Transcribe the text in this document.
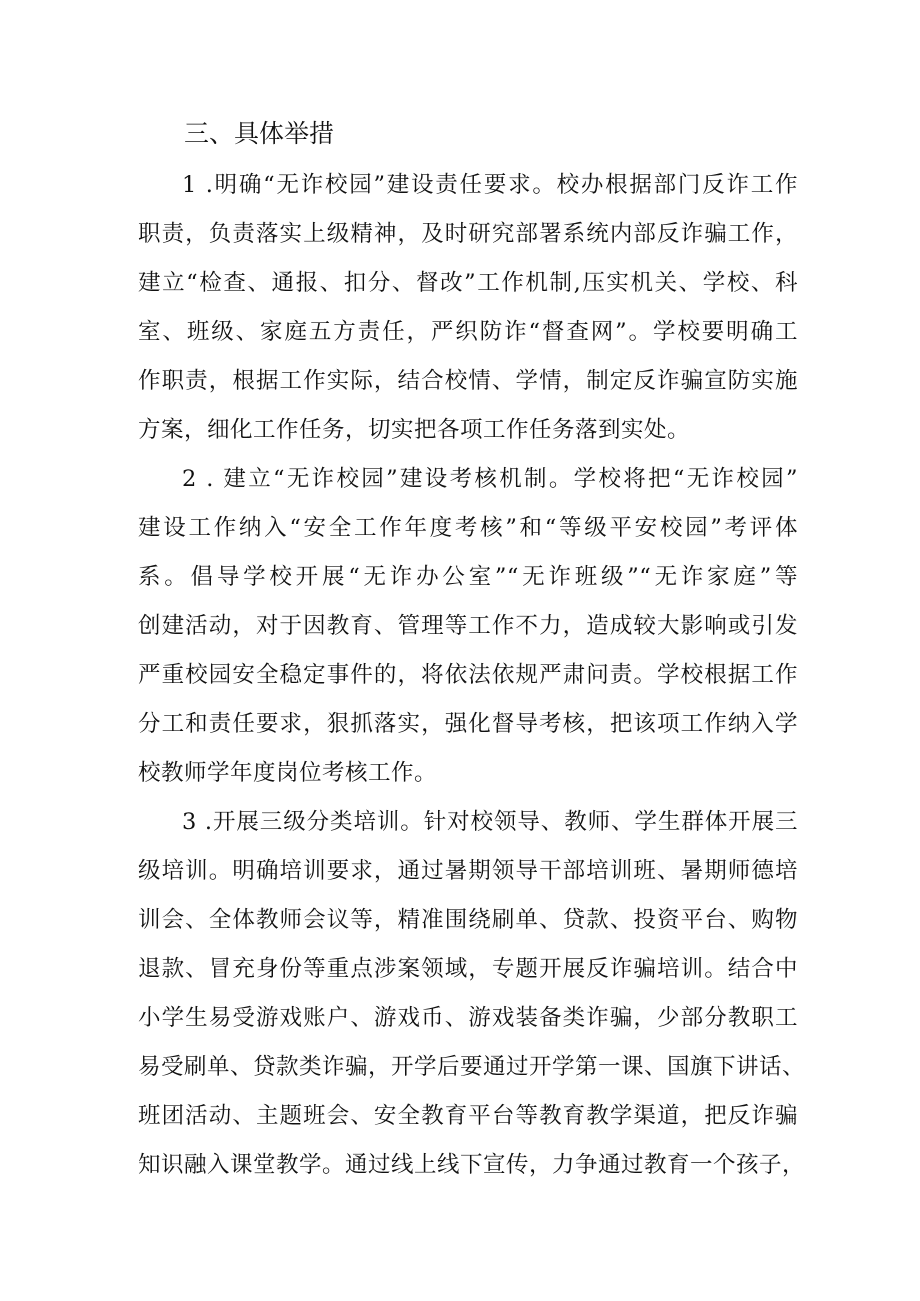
三、具体举措

1 .明确“无诈校园”建设责任要求。校办根据部门反诈工作
职责，负责落实上级精神，及时研究部署系统内部反诈骗工作，
建立“检查、通报、扣分、督改”工作机制,压实机关、学校、科
室、班级、家庭五方责任，严织防诈“督查网”。学校要明确工
作职责，根据工作实际，结合校情、学情，制定反诈骗宣防实施
方案，细化工作任务，切实把各项工作任务落到实处。

2 . 建立“无诈校园”建设考核机制。学校将把“无诈校园”
建设工作纳入“安全工作年度考核”和“等级平安校园”考评体
系。倡导学校开展“无诈办公室”“无诈班级”“无诈家庭”等
创建活动，对于因教育、管理等工作不力，造成较大影响或引发
严重校园安全稳定事件的，将依法依规严肃问责。学校根据工作
分工和责任要求，狠抓落实，强化督导考核，把该项工作纳入学
校教师学年度岗位考核工作。

3 .开展三级分类培训。针对校领导、教师、学生群体开展三
级培训。明确培训要求，通过暑期领导干部培训班、暑期师德培
训会、全体教师会议等，精准围绕刷单、贷款、投资平台、购物
退款、冒充身份等重点涉案领域，专题开展反诈骗培训。结合中
小学生易受游戏账户、游戏币、游戏装备类诈骗，少部分教职工
易受刷单、贷款类诈骗，开学后要通过开学第一课、国旗下讲话、
班团活动、主题班会、安全教育平台等教育教学渠道，把反诈骗
知识融入课堂教学。通过线上线下宣传，力争通过教育一个孩子，
